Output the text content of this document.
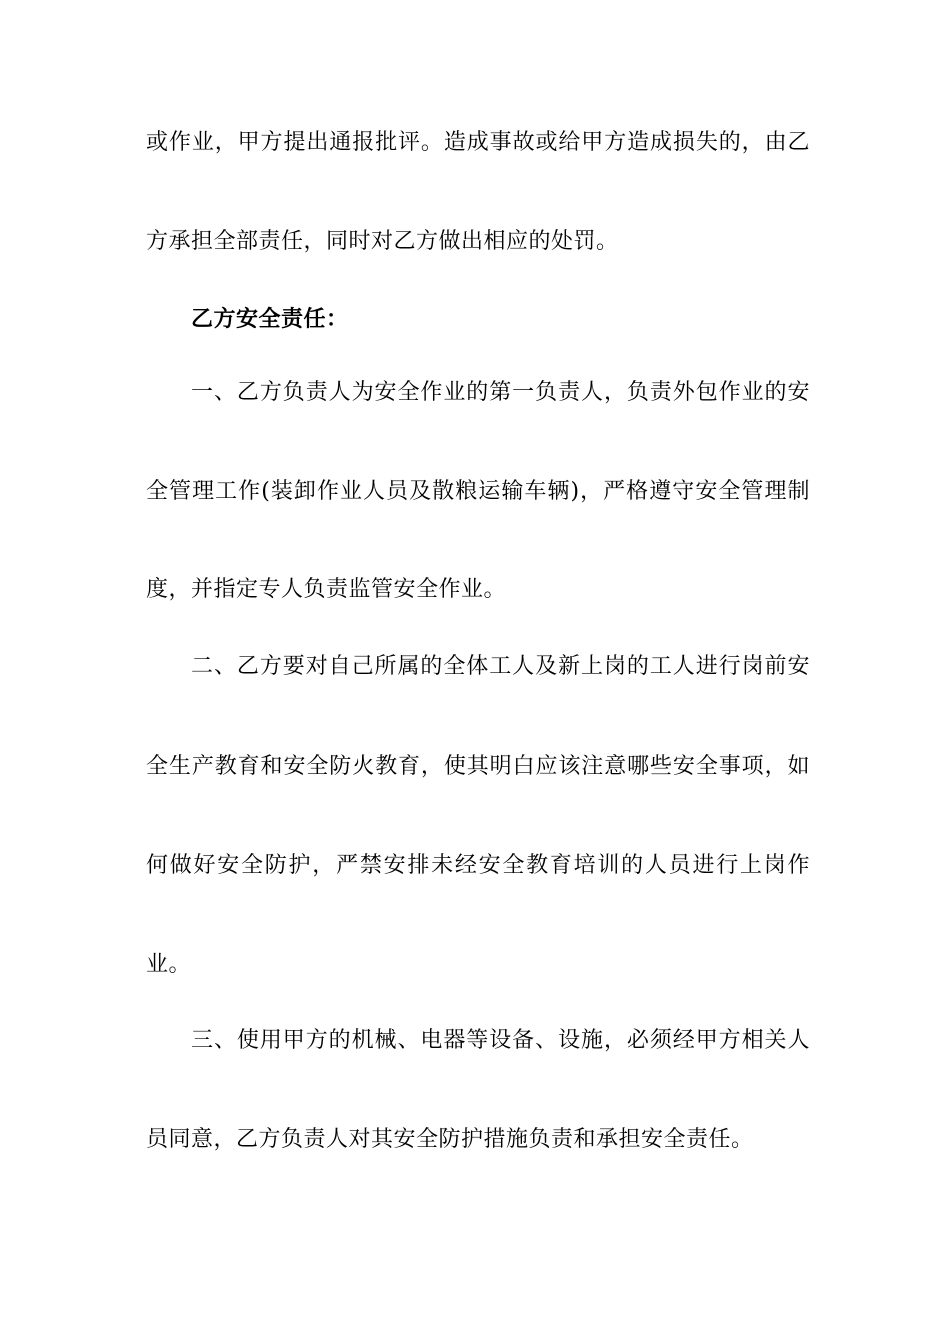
或作业，甲方提出通报批评。造成事故或给甲方造成损失的，由乙
方承担全部责任，同时对乙方做出相应的处罚。
乙方安全责任：
一、乙方负责人为安全作业的第一负责人，负责外包作业的安
全管理工作(装卸作业人员及散粮运输车辆)，严格遵守安全管理制
度，并指定专人负责监管安全作业。
二、乙方要对自己所属的全体工人及新上岗的工人进行岗前安
全生产教育和安全防火教育，使其明白应该注意哪些安全事项，如
何做好安全防护，严禁安排未经安全教育培训的人员进行上岗作
业。
三、使用甲方的机械、电器等设备、设施，必须经甲方相关人
员同意，乙方负责人对其安全防护措施负责和承担安全责任。
